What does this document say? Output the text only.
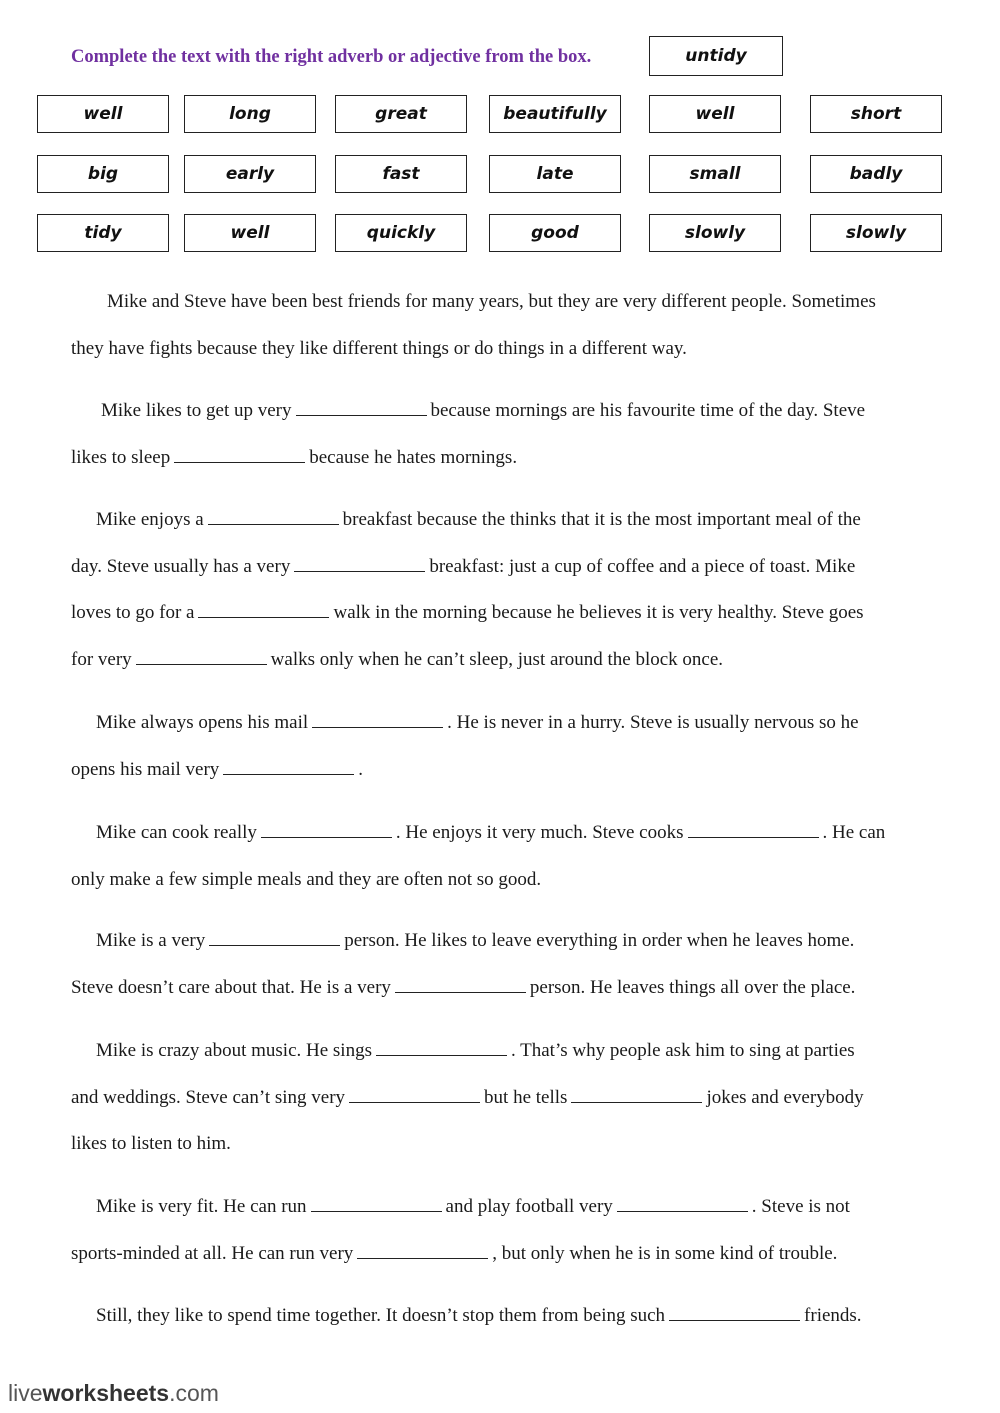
Complete the text with the right adverb or adjective from the box.	untidy
well	long	great	beautifully	well	short
big	early	fast	late	small	badly
tidy	well	quickly	good	slowly	slowly
Mike and Steve have been best friends for many years, but they are very different people. Sometimes
they have fights because they like different things or do things in a different way.
Mike likes to get up very	because mornings are his favourite time of the day. Steve
likes to sleep	because he hates mornings.
Mike enjoys a	breakfast because the thinks that it is the most important meal of the
day. Steve usually has a very	breakfast: just a cup of coffee and a piece of toast. Mike
loves to go for a	walk in the morning because he believes it is very healthy. Steve goes
for very	walks only when he can’t sleep, just around the block once.
Mike always opens his mail	. He is never in a hurry. Steve is usually nervous so he
opens his mail very	.
Mike can cook really	. He enjoys it very much. Steve cooks	. He can
only make a few simple meals and they are often not so good.
Mike is a very	person. He likes to leave everything in order when he leaves home.
Steve doesn’t care about that. He is a very	person. He leaves things all over the place.
Mike is crazy about music. He sings	. That’s why people ask him to sing at parties
and weddings. Steve can’t sing very	but he tells	jokes and everybody
likes to listen to him.
Mike is very fit. He can run	and play football very	. Steve is not
sports-minded at all. He can run very	, but only when he is in some kind of trouble.
Still, they like to spend time together. It doesn’t stop them from being such	friends.
liveworksheets.com
